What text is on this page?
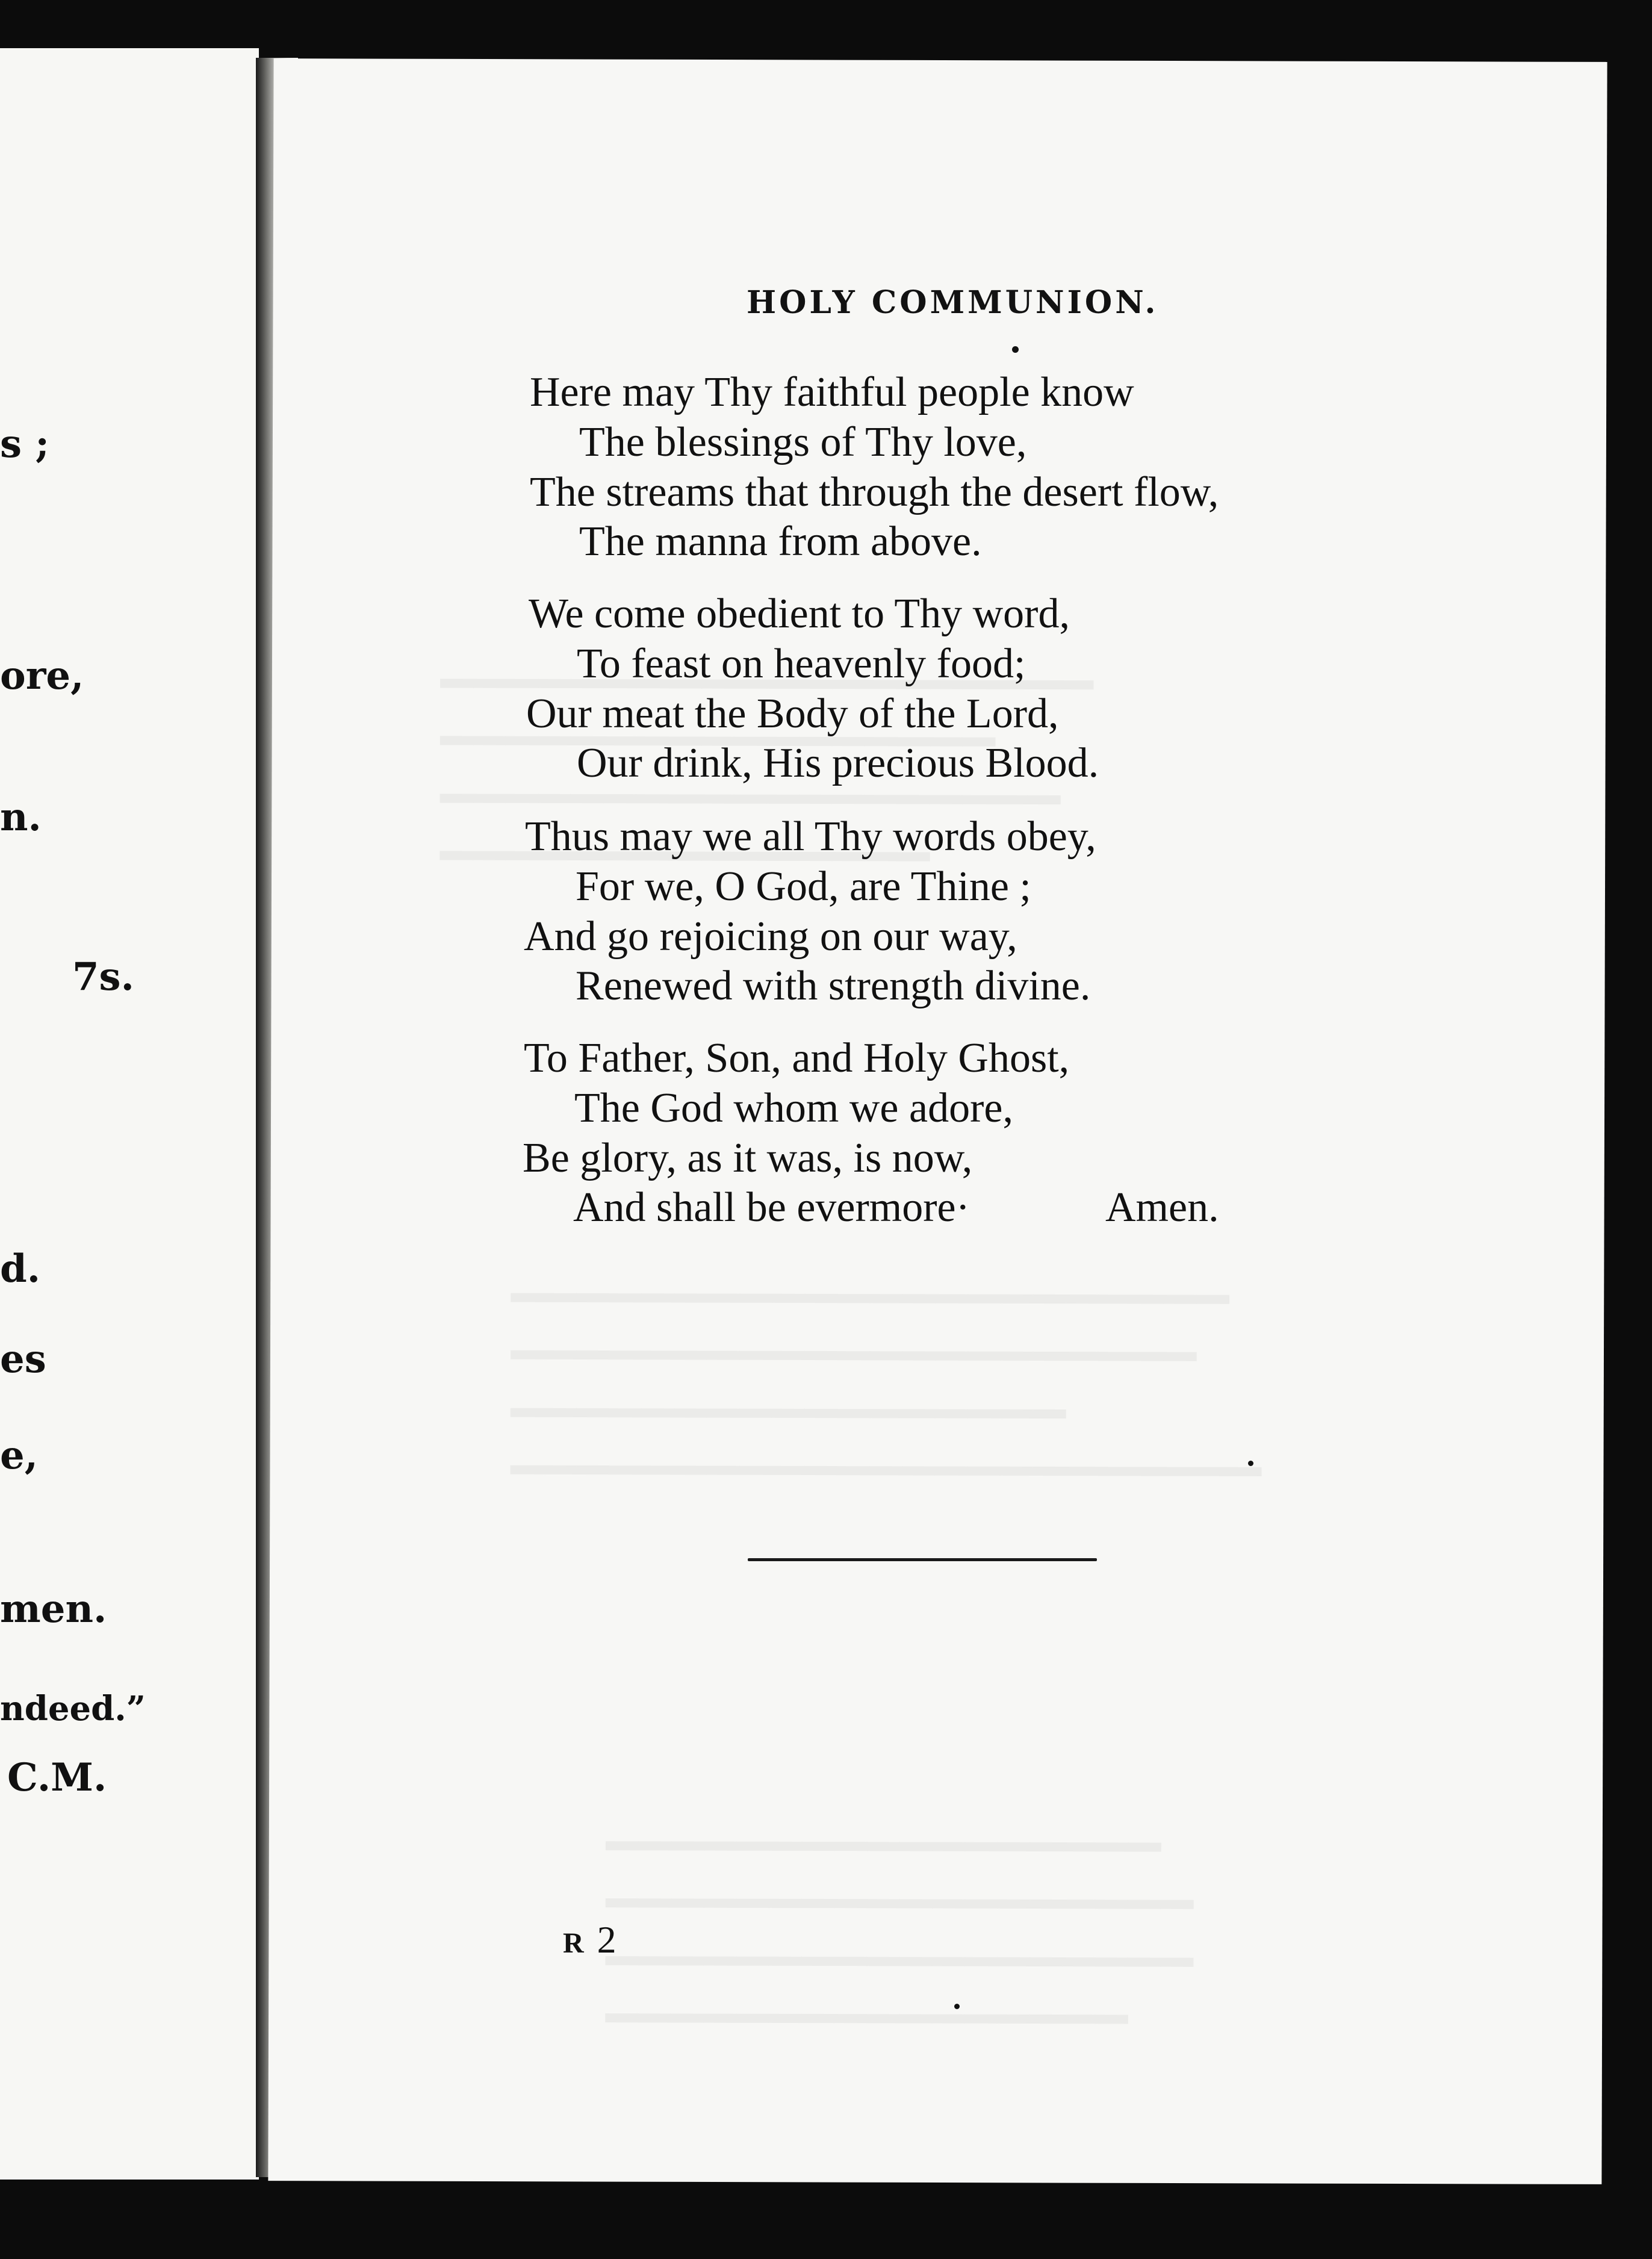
s ;
ore,
n.
7s.
d.
es
e,
men.
ndeed.”
C.M.
HOLY COMMUNION.
Here may Thy faithful people know
The blessings of Thy love,
The streams that through the desert flow,
The manna from above.
We come obedient to Thy word,
To feast on heavenly food;
Our meat the Body of the Lord,
Our drink, His precious Blood.
Thus may we all Thy words obey,
For we, O God, are Thine ;
And go rejoicing on our way,
Renewed with strength divine.
To Father, Son, and Holy Ghost,
The God whom we adore,
Be glory, as it was, is now,
And shall be evermore·	Amen.
R 2
